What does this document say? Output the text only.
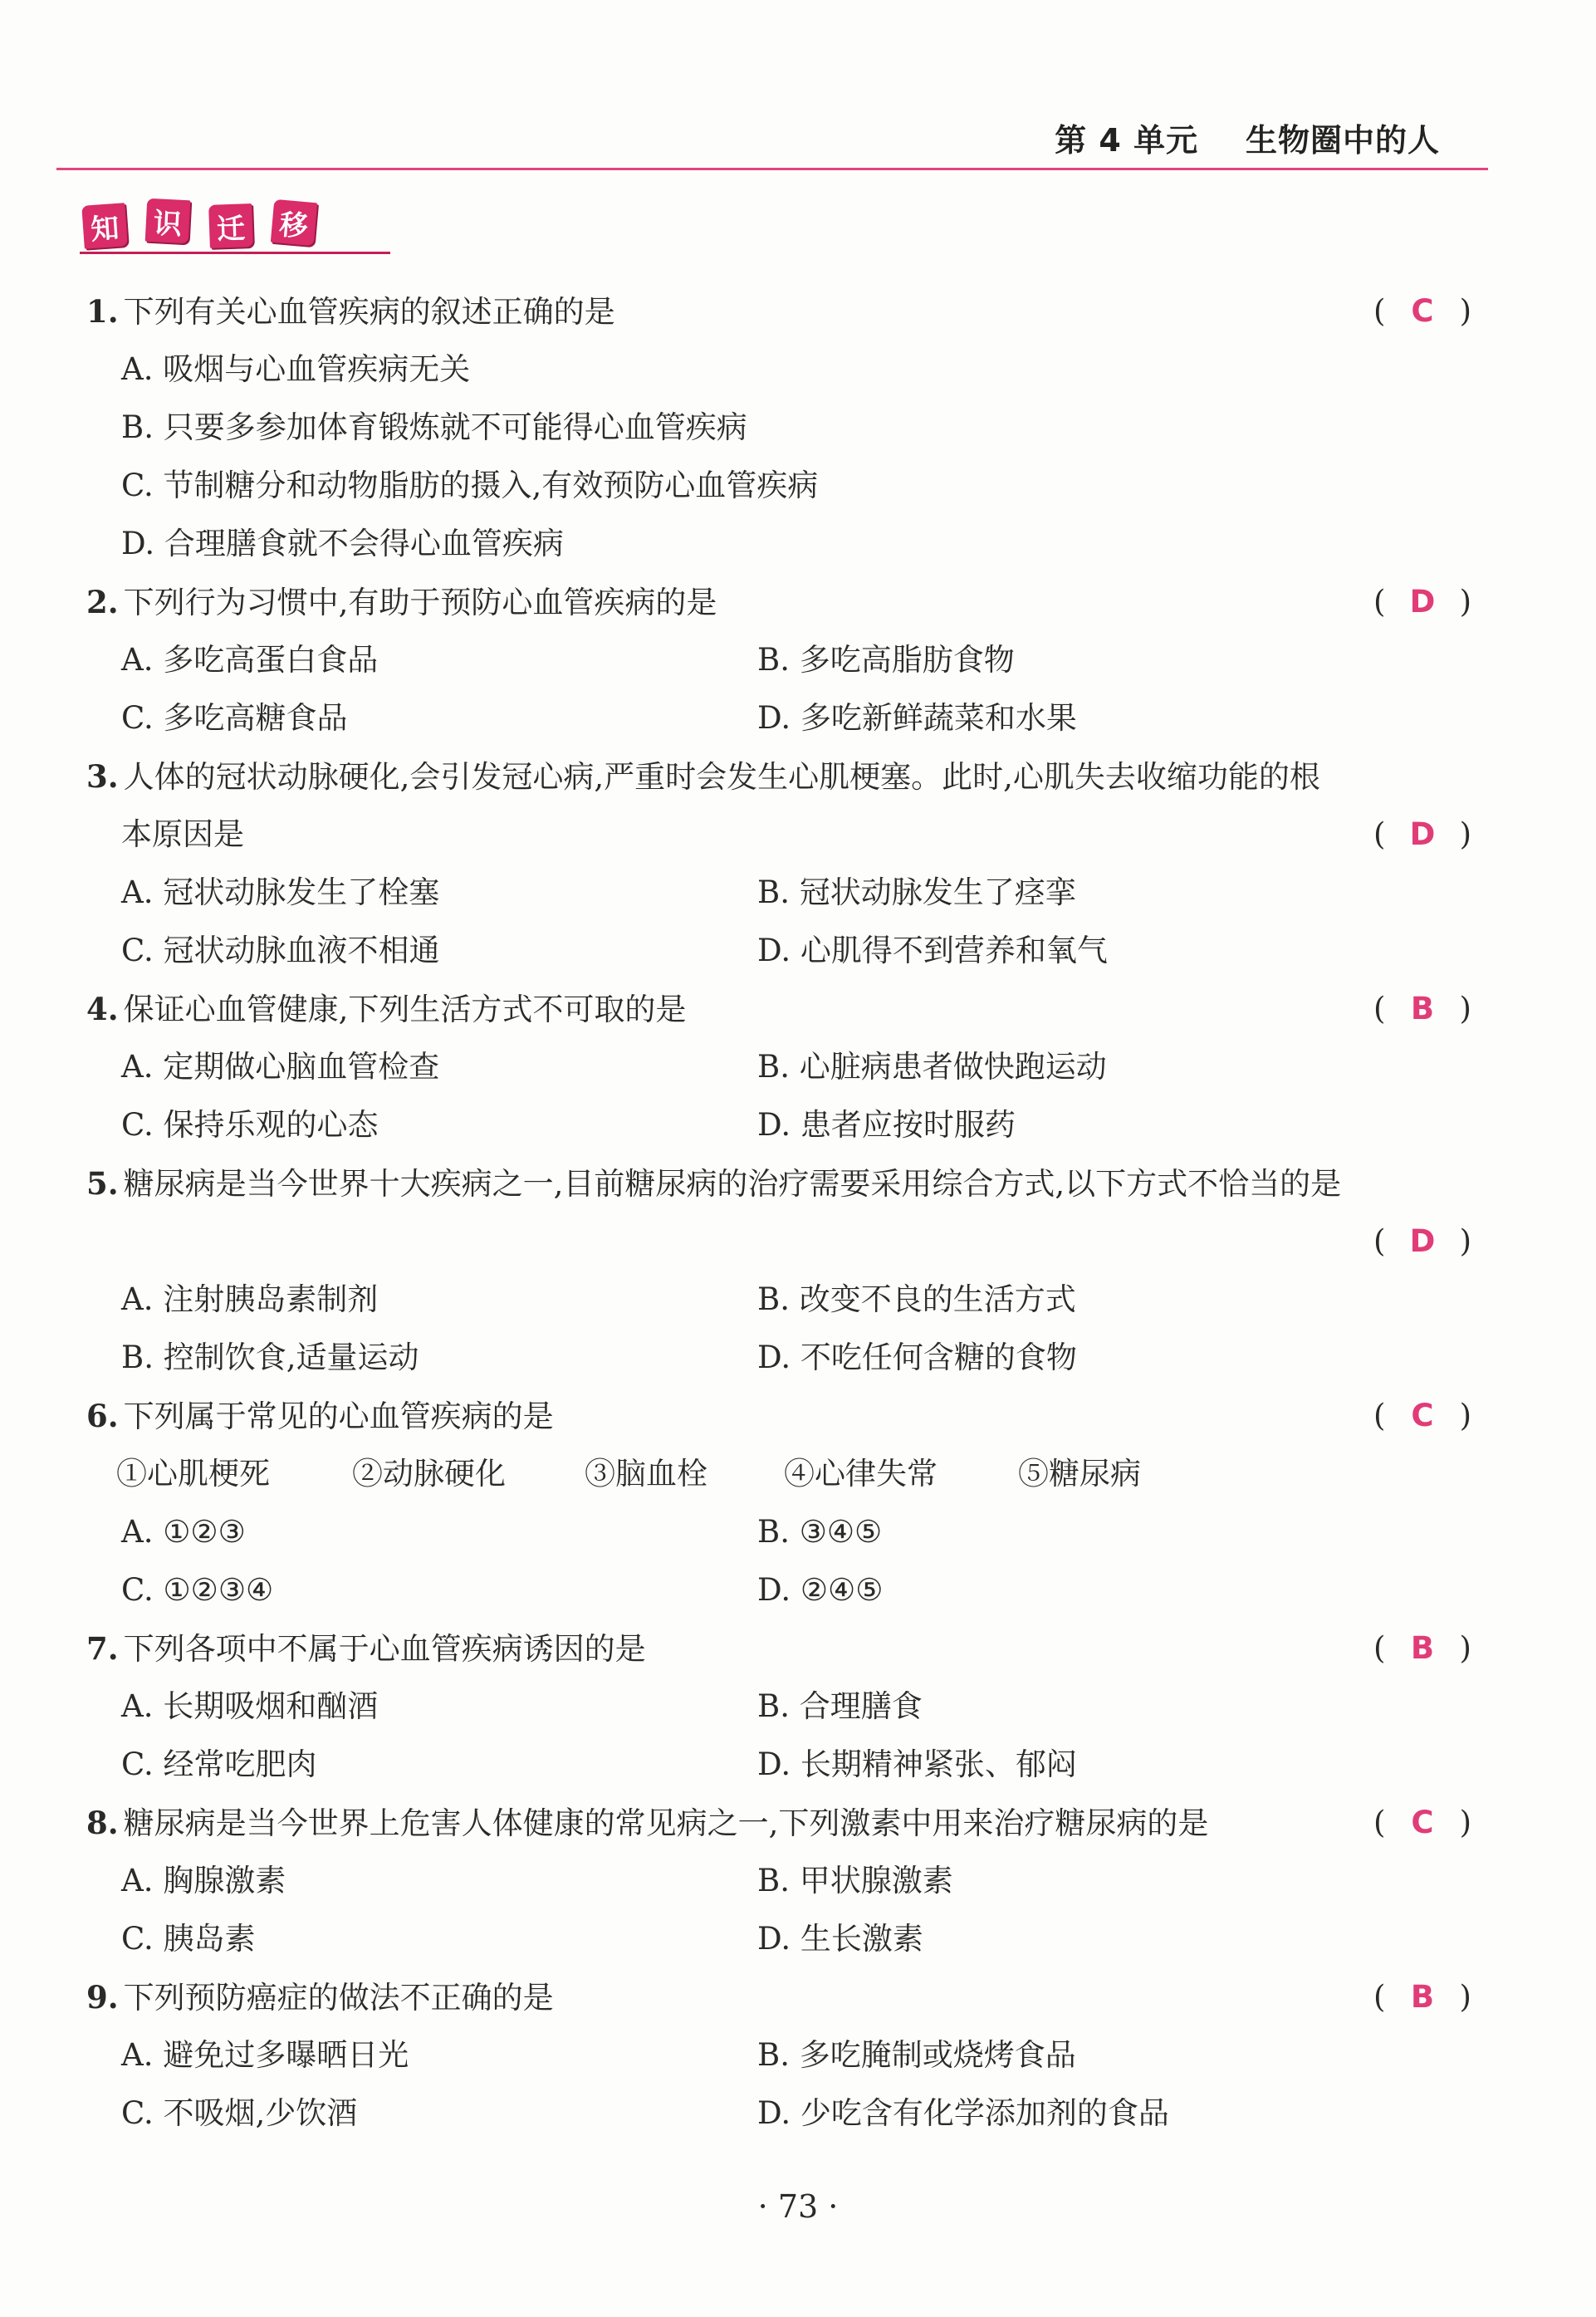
第 4 单元    生物圈中的人
知 识 迁 移
1. 下列有关心血管疾病的叙述正确的是	( C )
A. 吸烟与心血管疾病无关
B. 只要多参加体育锻炼就不可能得心血管疾病
C. 节制糖分和动物脂肪的摄入,有效预防心血管疾病
D. 合理膳食就不会得心血管疾病
2. 下列行为习惯中,有助于预防心血管疾病的是	( D )
A. 多吃高蛋白食品	B. 多吃高脂肪食物
C. 多吃高糖食品	D. 多吃新鲜蔬菜和水果
3. 人体的冠状动脉硬化,会引发冠心病,严重时会发生心肌梗塞。此时,心肌失去收缩功能的根
本原因是	( D )
A. 冠状动脉发生了栓塞	B. 冠状动脉发生了痉挛
C. 冠状动脉血液不相通	D. 心肌得不到营养和氧气
4. 保证心血管健康,下列生活方式不可取的是	( B )
A. 定期做心脑血管检查	B. 心脏病患者做快跑运动
C. 保持乐观的心态	D. 患者应按时服药
5. 糖尿病是当今世界十大疾病之一,目前糖尿病的治疗需要采用综合方式,以下方式不恰当的是
( D )
A. 注射胰岛素制剂	B. 改变不良的生活方式
B. 控制饮食,适量运动	D. 不吃任何含糖的食物
6. 下列属于常见的心血管疾病的是	( C )
①心肌梗死	②动脉硬化	③脑血栓 ④心律失常	⑤糖尿病
A. ①②③	B. ③④⑤
C. ①②③④	D. ②④⑤
7. 下列各项中不属于心血管疾病诱因的是	( B )
A. 长期吸烟和酗酒	B. 合理膳食
C. 经常吃肥肉	D. 长期精神紧张、郁闷
8. 糖尿病是当今世界上危害人体健康的常见病之一,下列激素中用来治疗糖尿病的是	( C )
A. 胸腺激素	B. 甲状腺激素
C. 胰岛素	D. 生长激素
9. 下列预防癌症的做法不正确的是	( B )
A. 避免过多曝晒日光	B. 多吃腌制或烧烤食品
C. 不吸烟,少饮酒	D. 少吃含有化学添加剂的食品
· 73 ·
